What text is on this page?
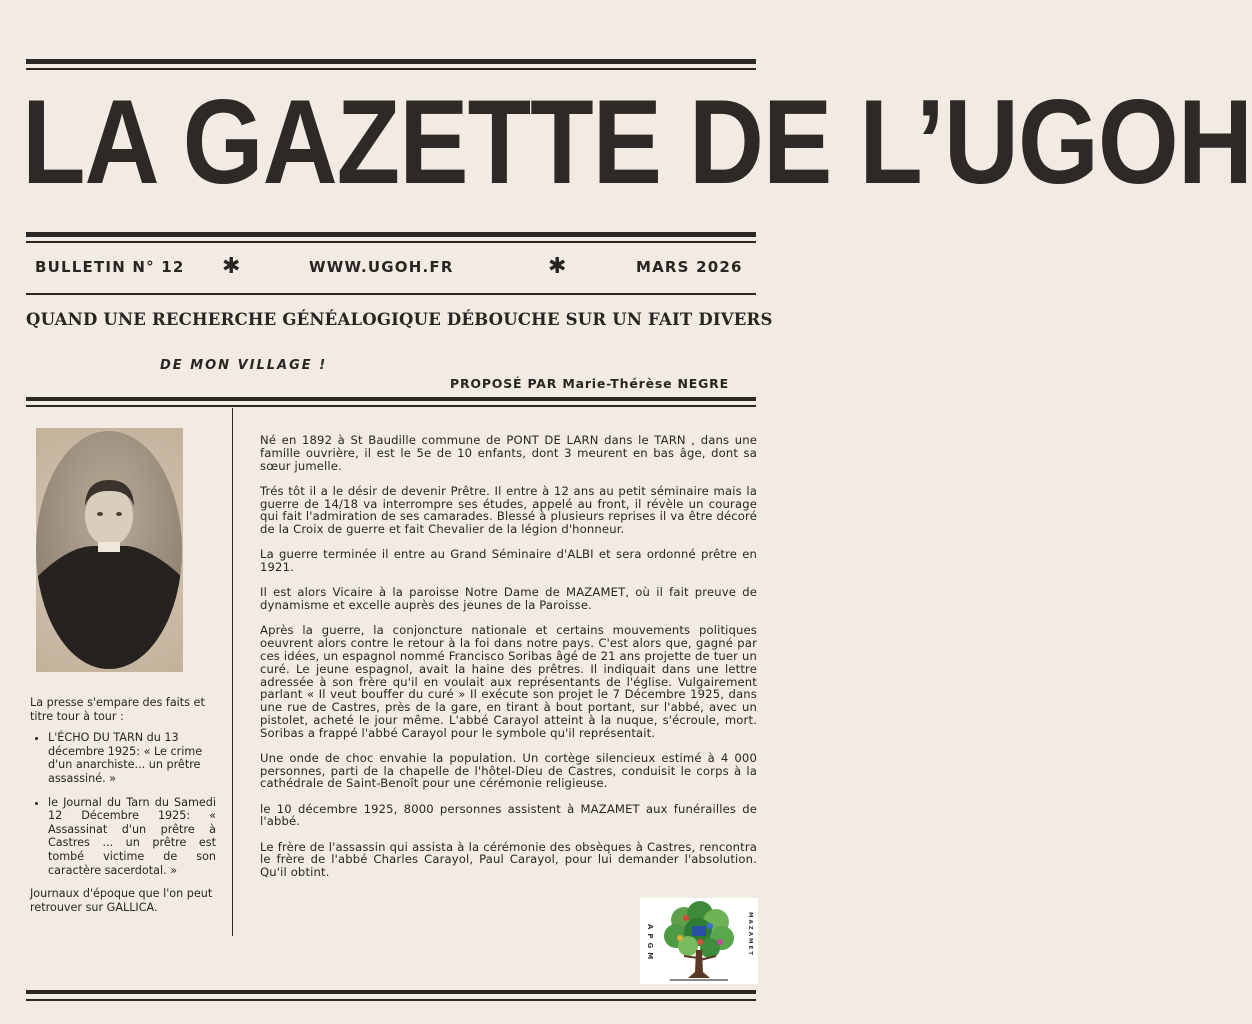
LA GAZETTE DE L’UGOH
BULLETIN N° 12 ✱	WWW.UGOH.FR	✱	MARS 2026
QUAND UNE RECHERCHE GÉNÉALOGIQUE DÉBOUCHE SUR UN FAIT DIVERS
DE MON VILLAGE !
PROPOSÉ PAR Marie-Thérèse NEGRE

La presse s'empare des faits et titre tour à tour :

• L'ÉCHO DU TARN du 13 décembre 1925: « Le crime d'un anarchiste... un prêtre assassiné. »
• le Journal du Tarn du Samedi 12 Décembre 1925: « Assassinat d'un prêtre à Castres ... un prêtre est tombé victime de son caractère sacerdotal. »

Journaux d'époque que l'on peut retrouver sur GALLICA.

Né en 1892 à St Baudille commune de PONT DE LARN dans le TARN , dans une famille ouvrière, il est le 5e de 10 enfants, dont 3 meurent en bas âge, dont sa sœur jumelle.

Trés tôt il a le désir de devenir Prêtre. Il entre à 12 ans au petit séminaire mais la guerre de 14/18 va interrompre ses études, appelé au front, il révèle un courage qui fait l'admiration de ses camarades. Blessé à plusieurs reprises il va être décoré de la Croix de guerre et fait Chevalier de la légion d'honneur.

La guerre terminée il entre au Grand Séminaire d'ALBI et sera ordonné prêtre en 1921.

Il est alors Vicaire à la paroisse Notre Dame de MAZAMET, où il fait preuve de dynamisme et excelle auprès des jeunes de la Paroisse.

Après la guerre, la conjoncture nationale et certains mouvements politiques oeuvrent alors contre le retour à la foi dans notre pays. C'est alors que, gagné par ces idées, un espagnol nommé Francisco Soribas âgé de 21 ans projette de tuer un curé. Le jeune espagnol, avait la haine des prêtres. Il indiquait dans une lettre adressée à son frère qu'il en voulait aux représentants de l'église. Vulgairement parlant « Il veut bouffer du curé » Il exécute son projet le 7 Décembre 1925, dans une rue de Castres, près de la gare, en tirant à bout portant, sur l'abbé, avec un pistolet, acheté le jour même. L'abbé Carayol atteint à la nuque, s'écroule, mort. Soribas a frappé l'abbé Carayol pour le symbole qu'il représentait.

Une onde de choc envahie la population. Un cortège silencieux estimé à 4 000 personnes, parti de la chapelle de l'hôtel-Dieu de Castres, conduisit le corps à la cathédrale de Saint-Benoît pour une cérémonie religieuse.

le 10 décembre 1925, 8000 personnes assistent à MAZAMET aux funérailles de l'abbé.

Le frère de l'assassin qui assista à la cérémonie des obsèques à Castres, rencontra le frère de l'abbé Charles Carayol, Paul Carayol, pour lui demander l'absolution. Qu'il obtint.

APGM	MAZAMET
